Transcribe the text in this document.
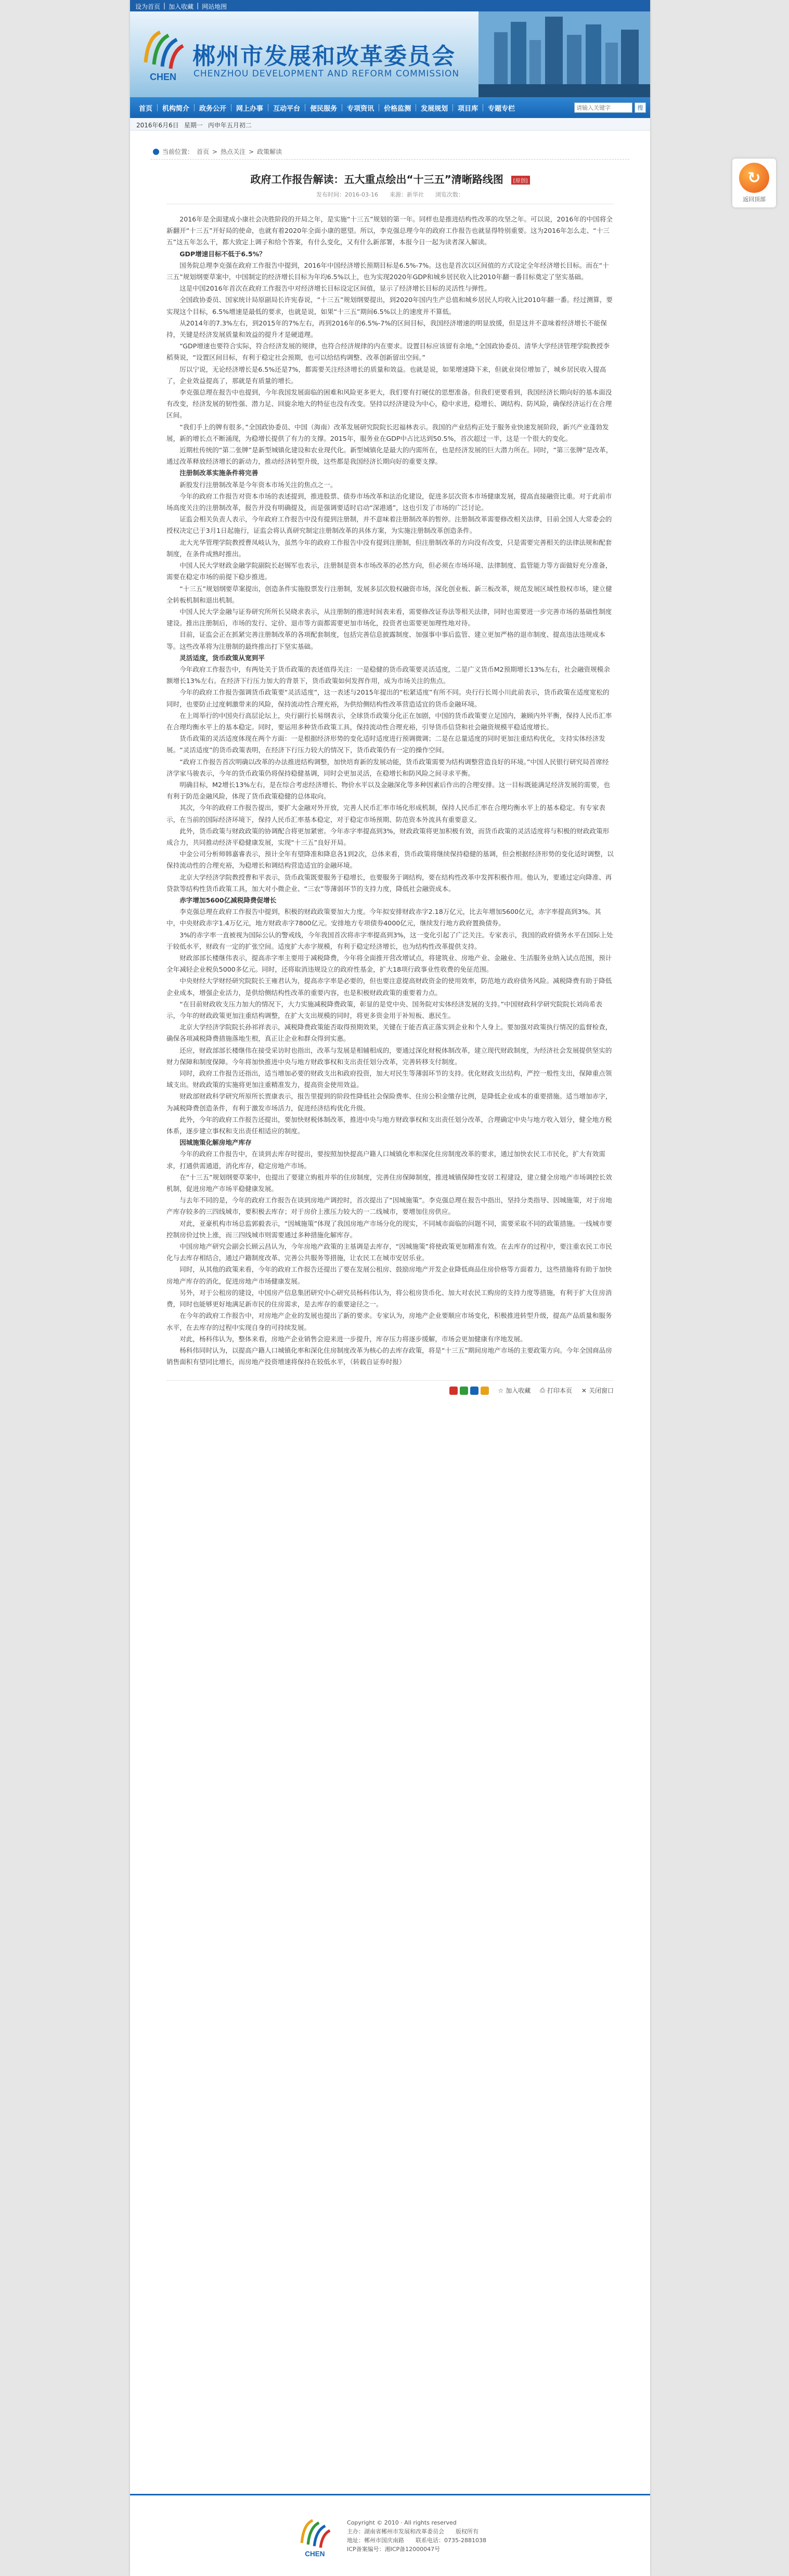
设为首页 | 加入收藏 | 网站地图
CHEN
郴州市发展和改革委员会
CHENZHOU DEVELOPMENT AND REFORM COMMISSION
首页	机构简介	政务公开	网上办事	互动平台	便民服务	专项资讯	价格监测	发展规划	项目库	专题专栏
请输入关键字	搜
2016年6月6日 星期一 丙申年五月初二
当前位置： 首页 > 热点关注 > 政策解读
政府工作报告解读：五大重点绘出“十三五”清晰路线图 [原创]
发布时间：2016-03-16　　来源：新华社　　浏览次数：

2016年是全面建成小康社会决胜阶段的开局之年，是实施“十三五”规划的第一年。同样也是推进结构性改革的攻坚之年。可以说，2016年的中国将全新翻开“十三五”开好局的使命，也就有着2020年全面小康的愿望。所以，李克强总理今年的政府工作报告也就显得特别重要。这为2016年怎么走、“十三五”这五年怎么干，都大致定上调子和给个答案，有什么变化，又有什么新部署，本报今日一起为读者深入解读。

GDP增速目标不低于6.5%？

国务院总理李克强在政府工作报告中提到，2016年中国经济增长预期目标是6.5%-7%。这也是首次以区间值的方式设定全年经济增长目标。而在“十三五”规划纲要草案中，中国制定的经济增长目标为年均6.5%以上，也为实现2020年GDP和城乡居民收入比2010年翻一番目标奠定了坚实基础。

这是中国2016年首次在政府工作报告中对经济增长目标设定区间值，显示了经济增长目标的灵活性与弹性。

全国政协委员、国家统计局原副局长许宪春说，“十三五”规划纲要提出，到2020年国内生产总值和城乡居民人均收入比2010年翻一番。经过测算，要实现这个目标，6.5%增速是最低的要求，也就是说，如果“十三五”期间6.5%以上的速度并不算低。

从2014年的7.3%左右，到2015年的7%左右，再到2016年的6.5%-7%的区间目标，我国经济增速的明显放缓，但是这并不意味着经济增长不能保持，关键是经济发展质量和效益的提升才是硬道理。

“GDP增速也要符合实际，符合经济发展的规律，也符合经济规律的内在要求。设置目标应该留有余地，”全国政协委员、清华大学经济管理学院教授李稻葵说，“设置区间目标，有利于稳定社会预期，也可以给结构调整、改革创新留出空间。”

厉以宁说，无论经济增长是6.5%还是7%，都需要关注经济增长的质量和效益。也就是说，如果增速降下来，但就业岗位增加了，城乡居民收入提高了，企业效益提高了，那就是有质量的增长。

李克强总理在报告中也提到，今年我国发展面临的困难和风险更多更大，我们要有打硬仗的思想准备。但我们更要看到，我国经济长期向好的基本面没有改变，经济发展的韧性强、潜力足、回旋余地大的特征也没有改变。坚持以经济建设为中心，稳中求进，稳增长、调结构、防风险，确保经济运行在合理区间。

“我们手上的牌有很多。”全国政协委员、中国（海南）改革发展研究院院长迟福林表示。我国的产业结构正处于服务业快速发展阶段，新兴产业蓬勃发展，新的增长点不断涌现，为稳增长提供了有力的支撑。2015年，服务业在GDP中占比达到50.5%，首次超过一半，这是一个很大的变化。

近期杜传统的“第二张牌”是新型城镇化建设和农业现代化。新型城镇化是最大的内需所在，也是经济发展的巨大潜力所在。同时，“第三张牌”是改革，通过改革释放经济增长的新动力，推动经济转型升级，这些都是我国经济长期向好的重要支撑。

注册制改革实施条件将完善

新股发行注册制改革是今年资本市场关注的焦点之一。

今年的政府工作报告对资本市场的表述提到，推进股票、债券市场改革和法治化建设，促进多层次资本市场健康发展，提高直接融资比重。对于此前市场高度关注的注册制改革，报告并没有明确提及，而是强调要适时启动“深港通”，这也引发了市场的广泛讨论。

证监会相关负责人表示，今年政府工作报告中没有提到注册制，并不意味着注册制改革的暂停。注册制改革需要修改相关法律，目前全国人大常委会的授权决定已于3月1日起施行，证监会将认真研究制定注册制改革的具体方案，为实施注册制改革创造条件。

北大光华管理学院教授曹凤岐认为，虽然今年的政府工作报告中没有提到注册制，但注册制改革的方向没有改变，只是需要完善相关的法律法规和配套制度，在条件成熟时推出。

中国人民大学财政金融学院副院长赵锡军也表示，注册制是资本市场改革的必然方向，但必须在市场环境、法律制度、监管能力等方面做好充分准备，需要在稳定市场的前提下稳步推进。

“十三五”规划纲要草案提出，创造条件实施股票发行注册制，发展多层次股权融资市场，深化创业板、新三板改革，规范发展区域性股权市场，建立健全转板机制和退出机制。

中国人民大学金融与证券研究所所长吴晓求表示，从注册制的推进时间表来看，需要修改证券法等相关法律，同时也需要进一步完善市场的基础性制度建设。推出注册制后，市场的发行、定价、退市等方面都需要更加市场化，投资者也需要更加理性地对待。

目前，证监会正在抓紧完善注册制改革的各项配套制度，包括完善信息披露制度、加强事中事后监管、建立更加严格的退市制度、提高违法违规成本等。这些改革将为注册制的最终推出打下坚实基础。

灵活适度，货币政策从宽到平

今年政府工作报告中，有两处关于货币政策的表述值得关注：一是稳健的货币政策要灵活适度，二是广义货币M2预期增长13%左右，社会融资规模余额增长13%左右。在经济下行压力加大的背景下，货币政策如何发挥作用，成为市场关注的焦点。

今年的政府工作报告强调货币政策要“灵活适度”，这一表述与2015年提出的“松紧适度”有所不同。央行行长周小川此前表示，货币政策在适度宽松的同时，也要防止过度刺激带来的风险，保持流动性合理充裕，为供给侧结构性改革营造适宜的货币金融环境。

在上周举行的中国央行高层论坛上，央行副行长易纲表示，全球货币政策分化正在加剧，中国的货币政策要立足国内，兼顾内外平衡，保持人民币汇率在合理均衡水平上的基本稳定。同时，要运用多种货币政策工具，保持流动性合理充裕，引导货币信贷和社会融资规模平稳适度增长。

货币政策的灵活适度体现在两个方面：一是根据经济形势的变化适时适度进行预调微调；二是在总量适度的同时更加注重结构优化，支持实体经济发展。“灵活适度”的货币政策表明，在经济下行压力较大的情况下，货币政策仍有一定的操作空间。

“政府工作报告首次明确以改革的办法推进结构调整，加快培育新的发展动能，货币政策需要为结构调整营造良好的环境。”中国人民银行研究局首席经济学家马骏表示，今年的货币政策仍将保持稳健基调，同时会更加灵活，在稳增长和防风险之间寻求平衡。

明确目标，M2增长13%左右，是在综合考虑经济增长、物价水平以及金融深化等多种因素后作出的合理安排。这一目标既能满足经济发展的需要，也有利于防范金融风险，体现了货币政策稳健的总体取向。

其次，今年的政府工作报告提出，要扩大金融对外开放，完善人民币汇率市场化形成机制，保持人民币汇率在合理均衡水平上的基本稳定。有专家表示，在当前的国际经济环境下，保持人民币汇率基本稳定，对于稳定市场预期、防范资本外流具有重要意义。

此外，货币政策与财政政策的协调配合将更加紧密。今年赤字率提高到3%，财政政策将更加积极有效，而货币政策的灵活适度将与积极的财政政策形成合力，共同推动经济平稳健康发展，实现“十三五”良好开局。

中金公司分析师韩嘉睿表示，预计全年有望降准和降息各1到2次，总体来看，货币政策将继续保持稳健的基调，但会根据经济形势的变化适时调整，以保持流动性的合理充裕，为稳增长和调结构营造适宜的金融环境。

北京大学经济学院教授曹和平表示，货币政策既要服务于稳增长，也要服务于调结构，要在结构性改革中发挥积极作用。他认为，要通过定向降准、再贷款等结构性货币政策工具，加大对小微企业、“三农”等薄弱环节的支持力度，降低社会融资成本。

赤字增加5600亿减税降费促增长

李克强总理在政府工作报告中提到，积极的财政政策要加大力度。今年拟安排财政赤字2.18万亿元，比去年增加5600亿元，赤字率提高到3%。其中，中央财政赤字1.4万亿元，地方财政赤字7800亿元。安排地方专项债券4000亿元，继续发行地方政府置换债券。

3%的赤字率一直被视为国际公认的警戒线，今年我国首次将赤字率提高到3%，这一变化引起了广泛关注。专家表示，我国的政府债务水平在国际上处于较低水平，财政有一定的扩张空间。适度扩大赤字规模，有利于稳定经济增长，也为结构性改革提供支持。

财政部部长楼继伟表示，提高赤字率主要用于减税降费，今年将全面推开营改增试点，将建筑业、房地产业、金融业、生活服务业纳入试点范围，预计全年减轻企业税负5000多亿元。同时，还将取消违规设立的政府性基金，扩大18项行政事业性收费的免征范围。

中央财经大学财经研究院院长王雍君认为，提高赤字率是必要的，但也要注意提高财政资金的使用效率，防范地方政府债务风险。减税降费有助于降低企业成本，增强企业活力，是供给侧结构性改革的重要内容，也是积极财政政策的重要着力点。

“在目前财政收支压力加大的情况下，大力实施减税降费政策，彰显的是党中央、国务院对实体经济发展的支持。”中国财政科学研究院院长刘尚希表示，今年的财政政策更加注重结构调整，在扩大支出规模的同时，将更多资金用于补短板、惠民生。

北京大学经济学院院长孙祁祥表示，减税降费政策能否取得预期效果，关键在于能否真正落实到企业和个人身上。要加强对政策执行情况的监督检查，确保各项减税降费措施落地生根，真正让企业和群众得到实惠。

还应，财政部部长楼继伟在接受采访时也指出，改革与发展是相辅相成的，要通过深化财税体制改革，建立现代财政制度，为经济社会发展提供坚实的财力保障和制度保障。今年将加快推进中央与地方财政事权和支出责任划分改革，完善转移支付制度。

同时，政府工作报告还指出，适当增加必要的财政支出和政府投资，加大对民生等薄弱环节的支持。优化财政支出结构，严控一般性支出，保障重点领域支出。财政政策的实施将更加注重精准发力，提高资金使用效益。

财政部财政科学研究所原所长贾康表示，报告里提到的阶段性降低社会保险费率、住房公积金缴存比例，是降低企业成本的重要措施。适当增加赤字，为减税降费创造条件，有利于激发市场活力，促进经济结构优化升级。

此外，今年的政府工作报告还提出，要加快财税体制改革，推进中央与地方财政事权和支出责任划分改革，合理确定中央与地方收入划分，健全地方税体系，逐步建立事权和支出责任相适应的制度。

因城施策化解房地产库存

今年的政府工作报告中，在谈到去库存时提出，要按照加快提高户籍人口城镇化率和深化住房制度改革的要求，通过加快农民工市民化，扩大有效需求，打通供需通道，消化库存，稳定房地产市场。

在“十三五”规划纲要草案中，也提出了要建立购租并举的住房制度，完善住房保障制度，推进城镇保障性安居工程建设，建立健全房地产市场调控长效机制，促进房地产市场平稳健康发展。

与去年不同的是，今年的政府工作报告在谈到房地产调控时，首次提出了“因城施策”。李克强总理在报告中指出，坚持分类指导、因城施策，对于房地产库存较多的三四线城市，要积极去库存；对于房价上涨压力较大的一二线城市，要增加住房供应。

对此，亚豪机构市场总监郭毅表示，“因城施策”体现了我国房地产市场分化的现实，不同城市面临的问题不同，需要采取不同的政策措施。一线城市要控制房价过快上涨，而三四线城市则需要通过多种措施化解库存。

中国房地产研究会副会长顾云昌认为，今年房地产政策的主基调是去库存，“因城施策”将使政策更加精准有效。在去库存的过程中，要注重农民工市民化与去库存相结合，通过户籍制度改革、完善公共服务等措施，让农民工在城市安居乐业。

同时，从其他的政策来看，今年的政府工作报告还提出了要在发展公租房、鼓励房地产开发企业降低商品住房价格等方面着力，这些措施将有助于加快房地产库存的消化，促进房地产市场健康发展。

另外，对于公租房的建设，中国房产信息集团研究中心研究员杨科伟认为，将公租房货币化、加大对农民工购房的支持力度等措施，有利于扩大住房消费，同时也能够更好地满足新市民的住房需求，是去库存的重要途径之一。

在今年的政府工作报告中，对房地产企业的发展也提出了新的要求。专家认为，房地产企业要顺应市场变化，积极推进转型升级，提高产品质量和服务水平，在去库存的过程中实现自身的可持续发展。

对此，杨科伟认为，整体来看，房地产企业销售会迎来进一步提升，库存压力将逐步缓解，市场会更加健康有序地发展。

杨科伟同时认为，以提高户籍人口城镇化率和深化住房制度改革为核心的去库存政策，将是“十三五”期间房地产市场的主要政策方向。今年全国商品房销售面积有望同比增长，而房地产投资增速将保持在较低水平，（转载自证券时报）

☆ 加入收藏 ⎙ 打印本页 ✕ 关闭窗口
CHEN
Copyright © 2010 · All rights reserved
主办：湖南省郴州市发展和改革委员会　　版权所有
地址：郴州市国庆南路　　联系电话：0735-2881038
ICP备案编号：湘ICP备12000047号
↻
返回顶部
